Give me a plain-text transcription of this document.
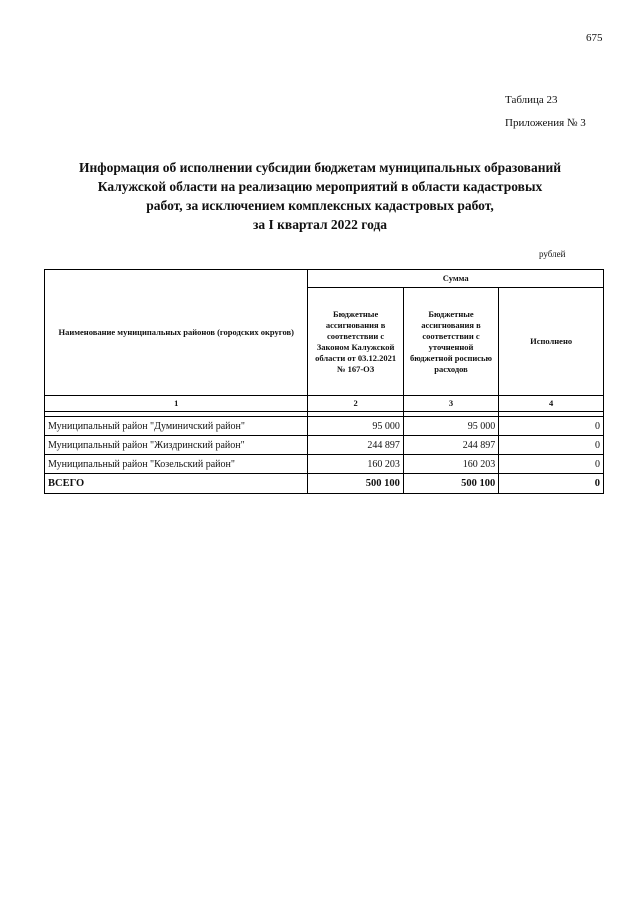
675
Таблица 23
Приложения № 3
Информация об исполнении субсидии бюджетам муниципальных образований
Калужской области на реализацию мероприятий в области кадастровых
работ, за исключением комплексных кадастровых работ,
за I квартал 2022 года
рублей
Наименование муниципальных районов (городских округов)	Сумма		
	Бюджетные ассигнования в соответствии с Законом Калужской области от 03.12.2021 № 167-ОЗ	Бюджетные ассигнования в соответствии с уточненной бюджетной росписью расходов	Исполнено
1	2	3	4

Муниципальный район "Думиничский район"	95 000	95 000	0
Муниципальный район "Жиздринский район"	244 897	244 897	0
Муниципальный район "Козельский район"	160 203	160 203	0
ВСЕГО	500 100	500 100	0
